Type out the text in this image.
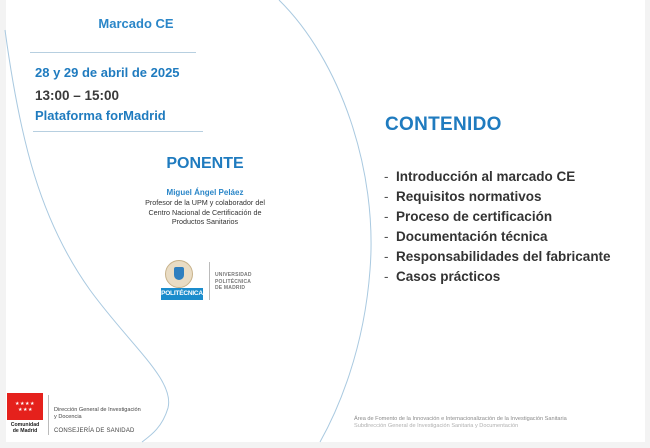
Marcado CE
28 y 29 de abril de 2025
13:00 – 15:00
Plataforma forMadrid
PONENTE
Miguel Ángel Peláez
Profesor de la UPM y colaborador del
Centro Nacional de Certificación de
Productos Sanitarios
POLITÉCNICA
UNIVERSIDAD
POLITÉCNICA
DE MADRID
CONTENIDO
- Introducción al marcado CE
- Requisitos normativos
- Proceso de certificación
- Documentación técnica
- Responsabilidades del fabricante
- Casos prácticos
★★★★
★★★
Comunidad
de Madrid
Dirección General de Investigación
y Docencia
CONSEJERÍA DE SANIDAD
Área de Fomento de la Innovación e Internacionalización de la Investigación Sanitaria
Subdirección General de Investigación Sanitaria y Documentación
